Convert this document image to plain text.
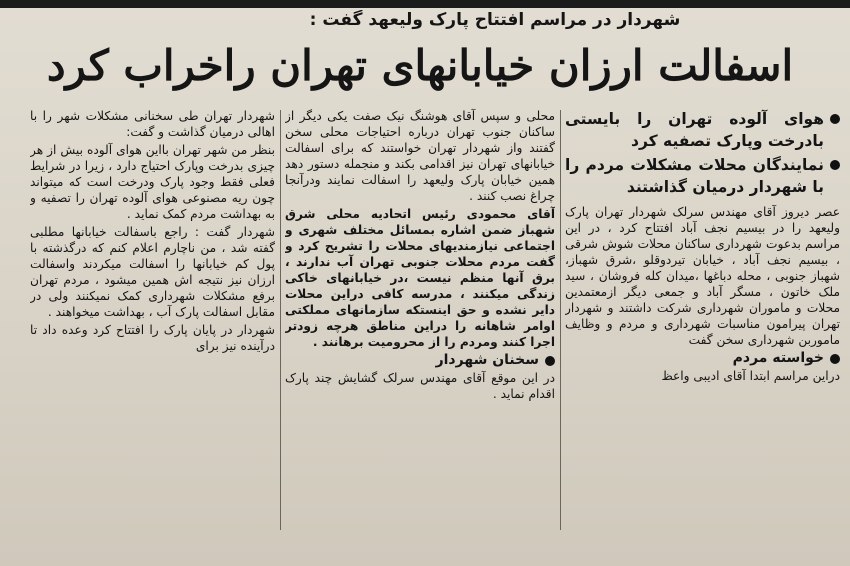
شهردار در مراسم افتتاح پارک ولیعهد گفت :
اسفالت ارزان خیابانهای تهران راخراب کرد

هوای آلوده تهران را بایستی بادرخت وپارک تصفیه کرد

نمایندگان محلات مشکلات مردم را با شهردار درمیان گذاشتند

عصر دیروز آقای مهندس سرلک شهردار تهران پارک ولیعهد را در بیسیم نجف آباد افتتاح کرد ، در این مراسم بدعوت شهرداری ساکنان محلات شوش شرقی ، بیسیم نجف آباد ، خیابان تیردوقلو ،شرق شهباز، شهباز جنوبی ، محله دباغها ،میدان کله فروشان ، سید ملک خاتون ، مسگر آباد و جمعی دیگر ازمعتمدین محلات و ماموران شهرداری شرکت داشتند و شهردار تهران پیرامون مناسبات شهرداری و مردم و وظایف ماموربن شهرداری سخن گفت

خواسته مردم

دراین مراسم ابتدا آقای ادیبی واعظ

محلی و سپس آقای هوشنگ نیک صفت یکی دیگر از ساکنان جنوب تهران درباره احتیاجات محلی سخن گفتند واز شهردار تهران خواستند که برای اسفالت خیابانهای تهران نیز اقدامی بکند و منجمله دستور دهد همین خیابان پارک ولیعهد را اسفالت نمایند ودرآنجا چراغ نصب کنند .

آقای محمودی رئیس اتحادیه محلی شرق شهباز ضمن اشاره بمسائل مختلف شهری و اجتماعی نیازمندیهای محلات را تشریح کرد و گفت مردم محلات جنوبی تهران آب ندارند ، برق آنها منظم نیست ،در خیابانهای خاکی زندگی میکنند ، مدرسه کافی دراین محلات دایر نشده و حق اینستکه سازمانهای مملکتی اوامر شاهانه را دراین مناطق هرچه زودتر اجرا کنند ومردم را از محرومیت برهانند .

سخنان شهردار

در این موقع آقای مهندس سرلک گشایش چند پارک اقدام نماید .

شهردار تهران طی سخنانی مشکلات شهر را با اهالی درمیان گذاشت و گفت:

بنظر من شهر تهران بااین هوای آلوده بیش از هر چیزی بدرخت وپارک احتیاج دارد ، زیرا در شرایط فعلی فقط وجود پارک ودرخت است که میتواند چون ریه مصنوعی هوای آلوده تهران را تصفیه و به بهداشت مردم کمک نماید .

شهردار گفت : راجع باسفالت خیابانها مطلبی گفته شد ، من ناچارم اعلام کنم که درگذشته با پول کم خیابانها را اسفالت میکردند واسفالت ارزان نیز نتیجه اش همین میشود ، مردم تهران برفع مشکلات شهرداری کمک نمیکنند ولی در مقابل اسفالت پارک آب ، بهداشت میخواهند .

شهردار در پایان پارک را افتتاح کرد وعده داد تا درآینده نیز برای
